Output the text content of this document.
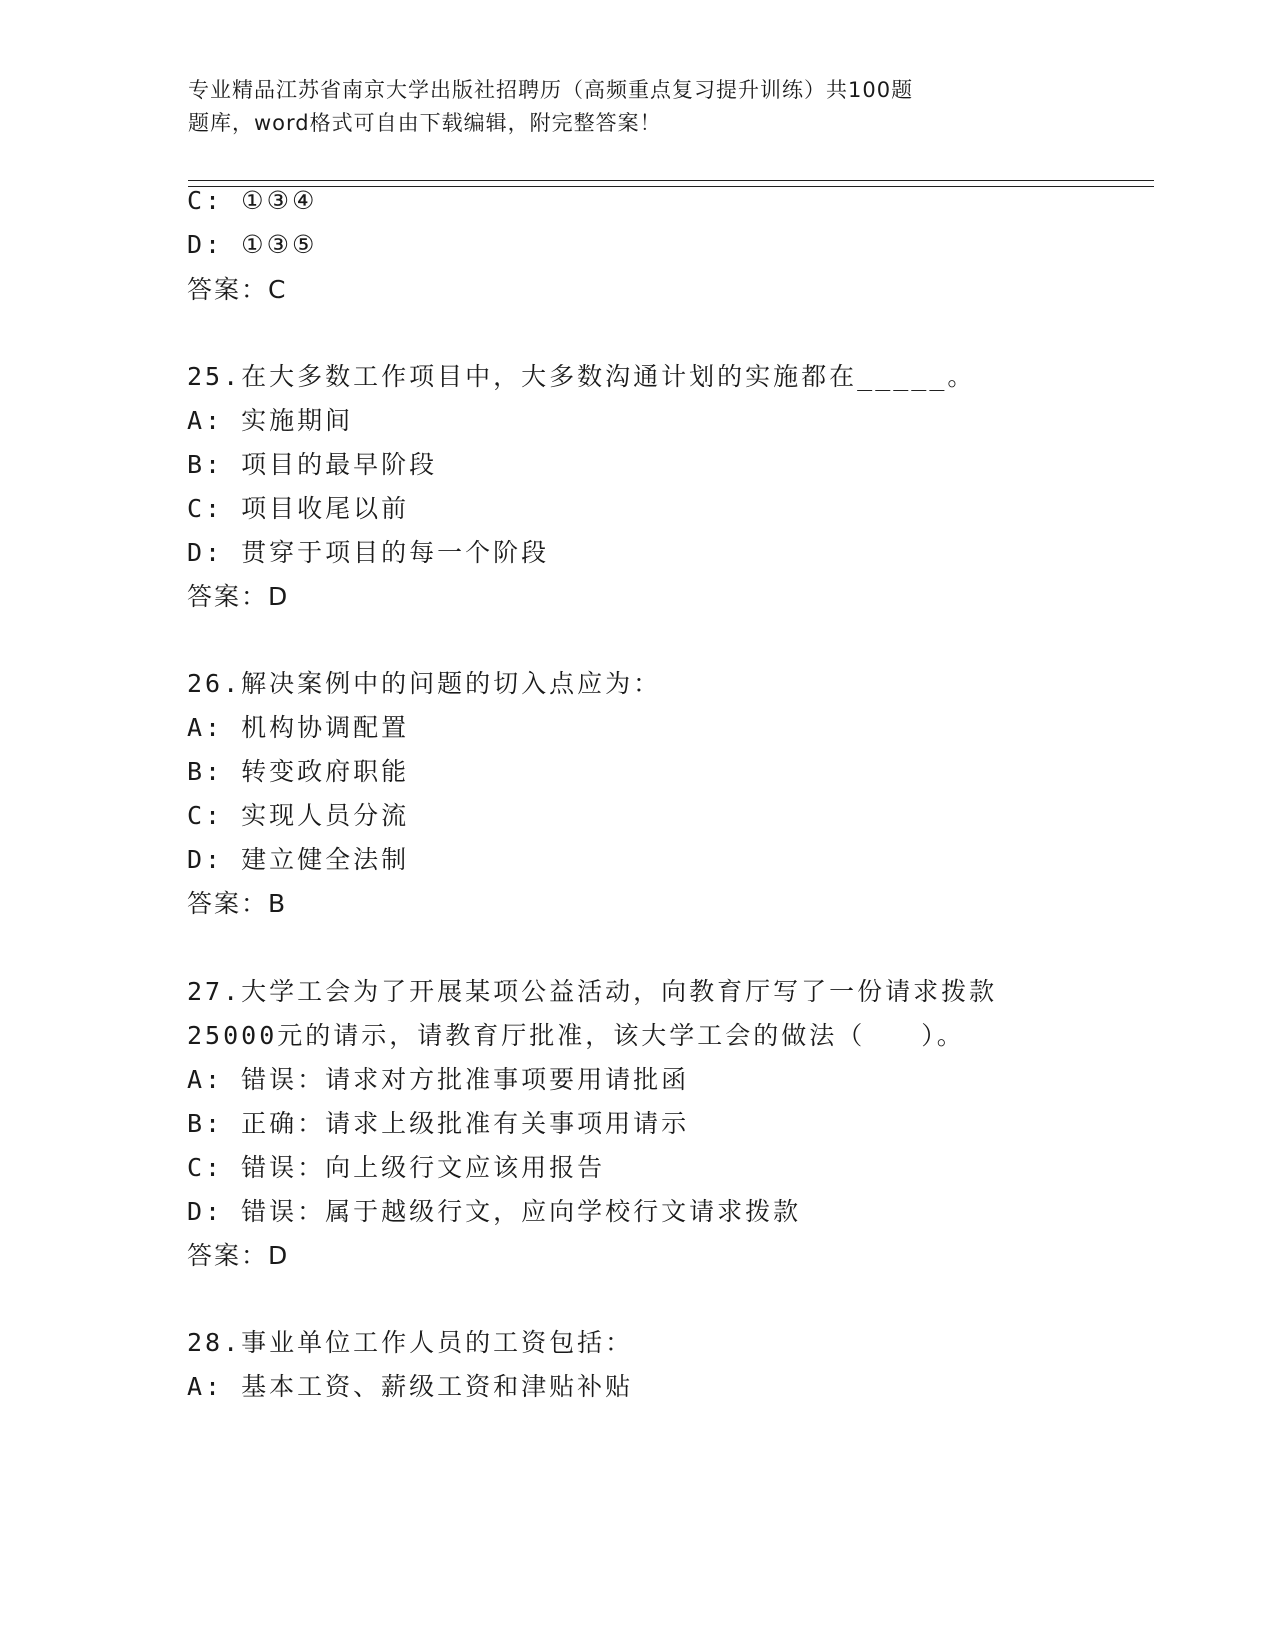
专业精品江苏省南京大学出版社招聘历（高频重点复习提升训练）共100题
题库，word格式可自由下载编辑，附完整答案！
C: ①③④
D: ①③⑤
答案：C
25.在大多数工作项目中，大多数沟通计划的实施都在_____。
A: 实施期间
B: 项目的最早阶段
C: 项目收尾以前
D: 贯穿于项目的每一个阶段
答案：D
26.解决案例中的问题的切入点应为：
A: 机构协调配置
B: 转变政府职能
C: 实现人员分流
D: 建立健全法制
答案：B
27.大学工会为了开展某项公益活动，向教育厅写了一份请求拨款
25000元的请示，请教育厅批准，该大学工会的做法（　　）。
A: 错误：请求对方批准事项要用请批函
B: 正确：请求上级批准有关事项用请示
C: 错误：向上级行文应该用报告
D: 错误：属于越级行文，应向学校行文请求拨款
答案：D
28.事业单位工作人员的工资包括：
A: 基本工资、薪级工资和津贴补贴
